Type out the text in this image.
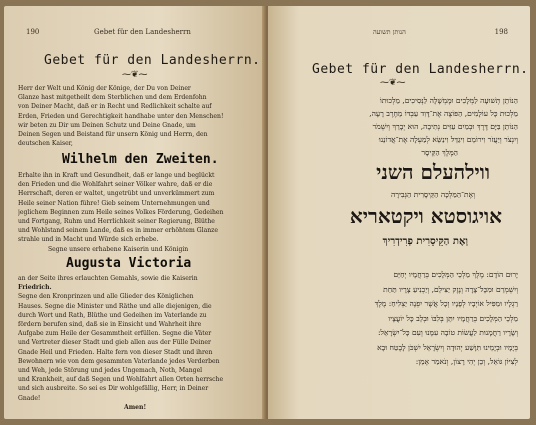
190	Gebet für den Landesherrn
Gebet für den Landesherrn.
⁓❦⁓
Herr der Welt und König der Könige, der Du von Deiner
Glanze hast mitgetheilt dem Sterblichen und dem Erdenfohn
von Deiner Macht, daß er in Recht und Redlichkeit schalte auf
Erden, Frieden und Gerechtigkeit handhabe unter den Menschen!
wir beten zu Dir um Deinen Schutz und Deine Gnade, um
Deinen Segen und Beistand für unsern König und Herrn, den
deutschen Kaiser,
Wilhelm den Zweiten.
Erhalte ihn in Kraft und Gesundheit, daß er lange und beglückt
den Frieden und die Wohlfahrt seiner Völker wahre, daß er die
Herrschaft, deren er waltet, ungetrübt und unverkümmert zum
Heile seiner Nation führe! Gieb seinem Unternehmungen und
jeglichem Beginnen zum Heile seines Volkes Förderung, Gedeihen
und Fortgang, Ruhm und Herrlichkeit seiner Regierung, Blüthe
und Wohlstand seinem Lande, daß es in immer erhöhtem Glanze
strahle und in Macht und Würde sich erhebe.
Segne unsere erhabene Kaiserin und Königin
Augusta Victoria
an der Seite ihres erlauchten Gemahls, sowie die Kaiserin
Friedrich.
Segne den Kronprinzen und alle Glieder des Königlichen
Hauses. Segne die Minister und Räthe und alle diejenigen, die
durch Wort und Rath, Blüthe und Gedeihen im Vaterlande zu
fördern berufen sind, daß sie in Einsicht und Wahrheit ihre
Aufgabe zum Heile der Gesammtheit erfüllen. Segne die Väter
und Vertreter dieser Stadt und gieb allen aus der Fülle Deiner
Gnade Heil und Frieden. Halte fern von dieser Stadt und ihren
Bewohnern wie von dem gesammten Vaterlande jedes Verderben
und Weh, jede Störung und jedes Ungemach, Noth, Mangel
und Krankheit, auf daß Segen und Wohlfahrt allen Orten herrsche
und sich ausbreite. So sei es Dir wohlgefällig, Herr, in Deiner
Gnade!
Amen!
הנותן תשועה	198
Gebet für den Landesherrn.
⁓❦⁓
הַנּוֹתֵן תְּשׁוּעָה לַמְּלָכִים וּמֶמְשָׁלָה לַנְּסִיכִים, מַלְכוּתוֹ
מַלְכוּת כָּל עוֹלָמִים, הַפּוֹצֶה אֶת־דָּוִד עַבְדּוֹ מֵחֶרֶב רָעָה,
הַנּוֹתֵן בַּיָּם דֶּרֶךְ וּבְמַיִם עַזִּים נְתִיבָה, הוּא יְבָרֵךְ וְיִשְׁמֹר
וְיִנְצֹר וְיַעֲזֹר וִירוֹמֵם וִיגַדֵּל וִינַשֵּׂא לְמַעְלָה אֶת־אֲדוֹנֵנוּ
הַמֶּלֶךְ הַקֵּיסָר
ווילהעלם השני
וְאֶת־הַמַּלְכָּה הַקֵּיסָרִית הַגְּבִירָה
אויגוסטא ויקטאריא
וְאֶת הַקֵּיסָרִית פְרִידְרִיךְ
יָרוּם הוֹדָם: מֶלֶךְ מַלְכֵי הַמְּלָכִים בְּרַחֲמָיו יְחַיֵּם
וְיִשְׁמְרֵם וּמִכָּל־צָרָה וְנֶזֶק יַצִּילֵם, וְיַכְנִיעַ צָרָיו תַּחַת
רַגְלָיו וּמַפִּיל אוֹיְבָיו לְפָנָיו וְכָל אֲשֶׁר יִפְנֶה יַצְלִיחַ: מֶלֶךְ
מַלְכֵי הַמְּלָכִים בְּרַחֲמָיו יִתֵּן בְּלִבּוֹ וּבְלֵב כָּל יוֹעֲצָיו
וְשָׂרָיו רַחֲמָנוּת לַעֲשׂוֹת טוֹבָה עִמָּנוּ וְעִם כָּל־יִשְׂרָאֵל:
בְּיָמָיו וּבְיָמֵינוּ תִּוָּשַׁע יְהוּדָה וְיִשְׂרָאֵל יִשְׁכֹּן לָבֶטַח וּבָא
לְצִיּוֹן גּוֹאֵל, וְכֵן יְהִי רָצוֹן, וְנֹאמַר אָמֵן:
